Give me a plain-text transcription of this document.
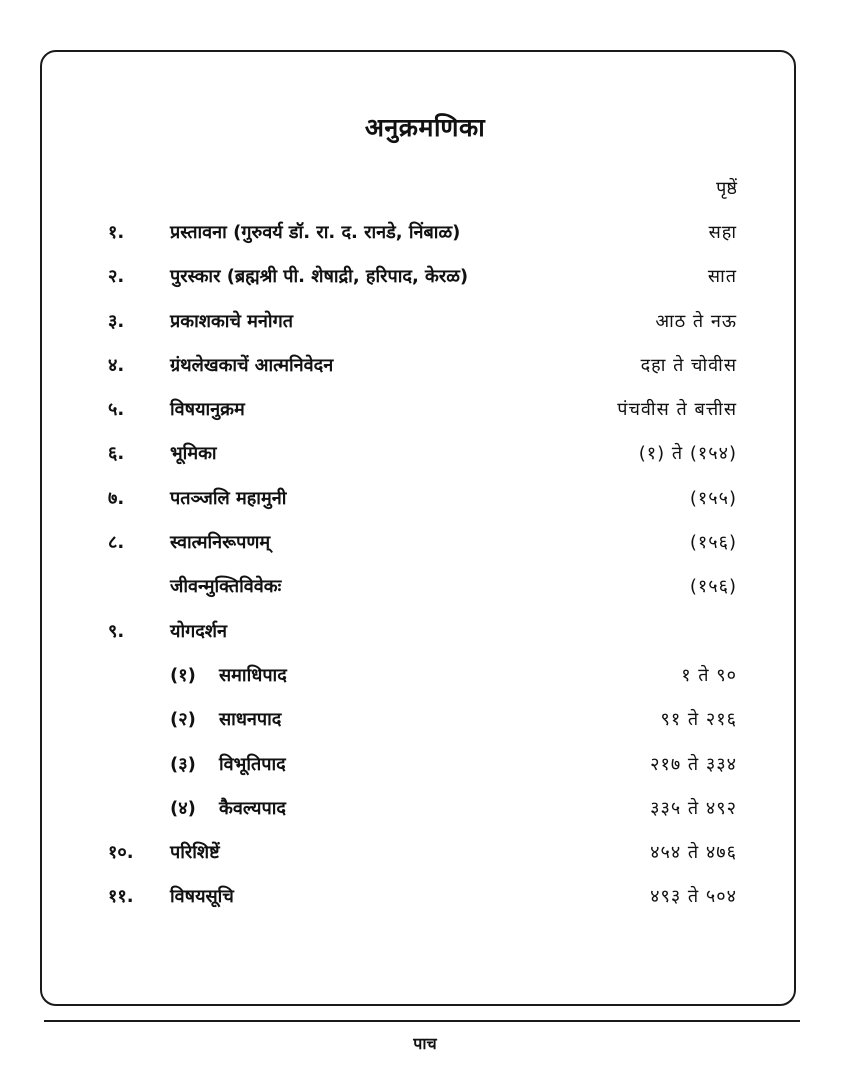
अनुक्रमणिका
पृष्ठें
१.	प्रस्तावना (गुरुवर्य डॉ. रा. द. रानडे, निंबाळ)	सहा
२.	पुरस्कार (ब्रह्मश्री पी. शेषाद्री, हरिपाद, केरळ)	सात
३.	प्रकाशकाचे मनोगत	आठ ते नऊ
४.	ग्रंथलेखकाचें आत्मनिवेदन	दहा ते चोवीस
५.	विषयानुक्रम	पंचवीस ते बत्तीस
६.	भूमिका	(१) ते (१५४)
७.	पतञ्जलि महामुनी	(१५५)
८.	स्वात्मनिरूपणम्	(१५६)
जीवन्मुक्तिविवेकः	(१५६)
९.	योगदर्शन
(१) समाधिपाद	१ ते ९०
(२) साधनपाद	९१ ते २१६
(३) विभूतिपाद	२१७ ते ३३४
(४) कैवल्यपाद	३३५ ते ४९२
१०. परिशिष्टें	४५४ ते ४७६
११. विषयसूचि	४९३ ते ५०४
पाच
